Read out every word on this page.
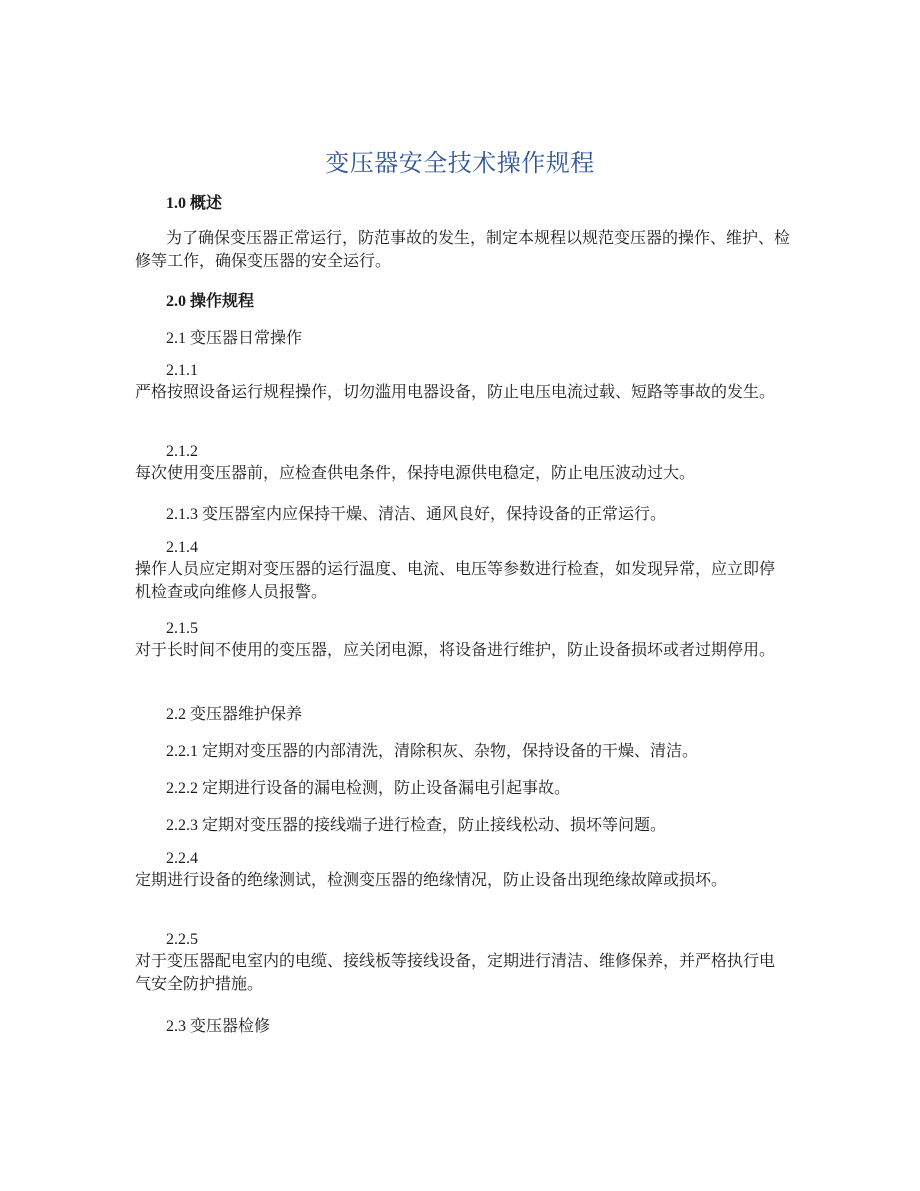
变压器安全技术操作规程
1.0 概述
为了确保变压器正常运行，防范事故的发生，制定本规程以规范变压器的操作、维护、检修等工作，确保变压器的安全运行。
2.0 操作规程
2.1 变压器日常操作
2.1.1
严格按照设备运行规程操作，切勿滥用电器设备，防止电压电流过载、短路等事故的发生。
2.1.2
每次使用变压器前，应检查供电条件，保持电源供电稳定，防止电压波动过大。
2.1.3 变压器室内应保持干燥、清洁、通风良好，保持设备的正常运行。
2.1.4
操作人员应定期对变压器的运行温度、电流、电压等参数进行检查，如发现异常，应立即停机检查或向维修人员报警。
2.1.5
对于长时间不使用的变压器，应关闭电源，将设备进行维护，防止设备损坏或者过期停用。
2.2 变压器维护保养
2.2.1 定期对变压器的内部清洗，清除积灰、杂物，保持设备的干燥、清洁。
2.2.2 定期进行设备的漏电检测，防止设备漏电引起事故。
2.2.3 定期对变压器的接线端子进行检查，防止接线松动、损坏等问题。
2.2.4
定期进行设备的绝缘测试，检测变压器的绝缘情况，防止设备出现绝缘故障或损坏。
2.2.5
对于变压器配电室内的电缆、接线板等接线设备，定期进行清洁、维修保养，并严格执行电气安全防护措施。
2.3 变压器检修
